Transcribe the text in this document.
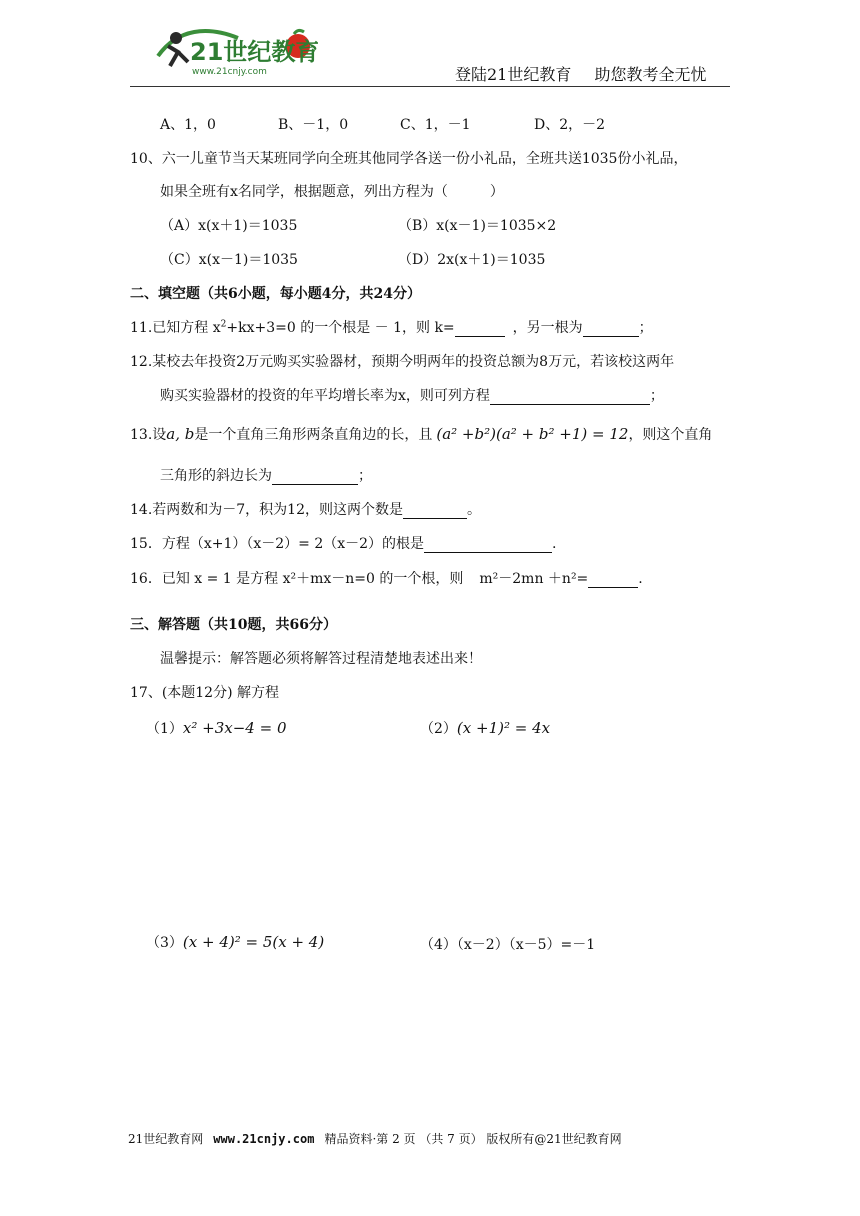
21世纪教育
www.21cnjy.com	登陆21世纪教育 助您教考全无忧
A、1，0	B、－1，0	C、1，－1	D、2，－2
10、六一儿童节当天某班同学向全班其他同学各送一份小礼品，全班共送1035份小礼品，
如果全班有x名同学，根据题意，列出方程为（　　　）
（A）x(x＋1)＝1035	（B）x(x－1)＝1035×2
（C）x(x－1)＝1035	（D）2x(x＋1)＝1035
二、填空题（共6小题，每小题4分，共24分）
11.已知方程 $x^2+kx+3=0$ 的一个根是 － 1，则 k=	，另一根为	；
12.某校去年投资2万元购买实验器材，预期今明两年的投资总额为8万元，若该校这两年
购买实验器材的投资的年平均增长率为x，则可列方程	；
13.设a, b是一个直角三角形两条直角边的长，且 (a² +b²)(a² + b² +1) = 12，则这个直角
三角形的斜边长为	；
14.若两数和为－7，积为12，则这两个数是	。
15．方程（x+1）（x－2）= 2（x－2）的根是	.
16．已知 x = 1 是方程 x²＋mx－n=0 的一个根，则 m²－2mn ＋n²=	.
三、解答题（共10题，共66分）
温馨提示：解答题必须将解答过程清楚地表述出来！
17、(本题12分) 解方程
（1）x² +3x−4 = 0	（2）(x +1)² = 4x
（3）(x + 4)² = 5(x + 4)	（4）（x－2）（x－5）=－1
21世纪教育网 www.21cnjy.com 精品资料·第 2 页 （共 7 页） 版权所有@21世纪教育网
